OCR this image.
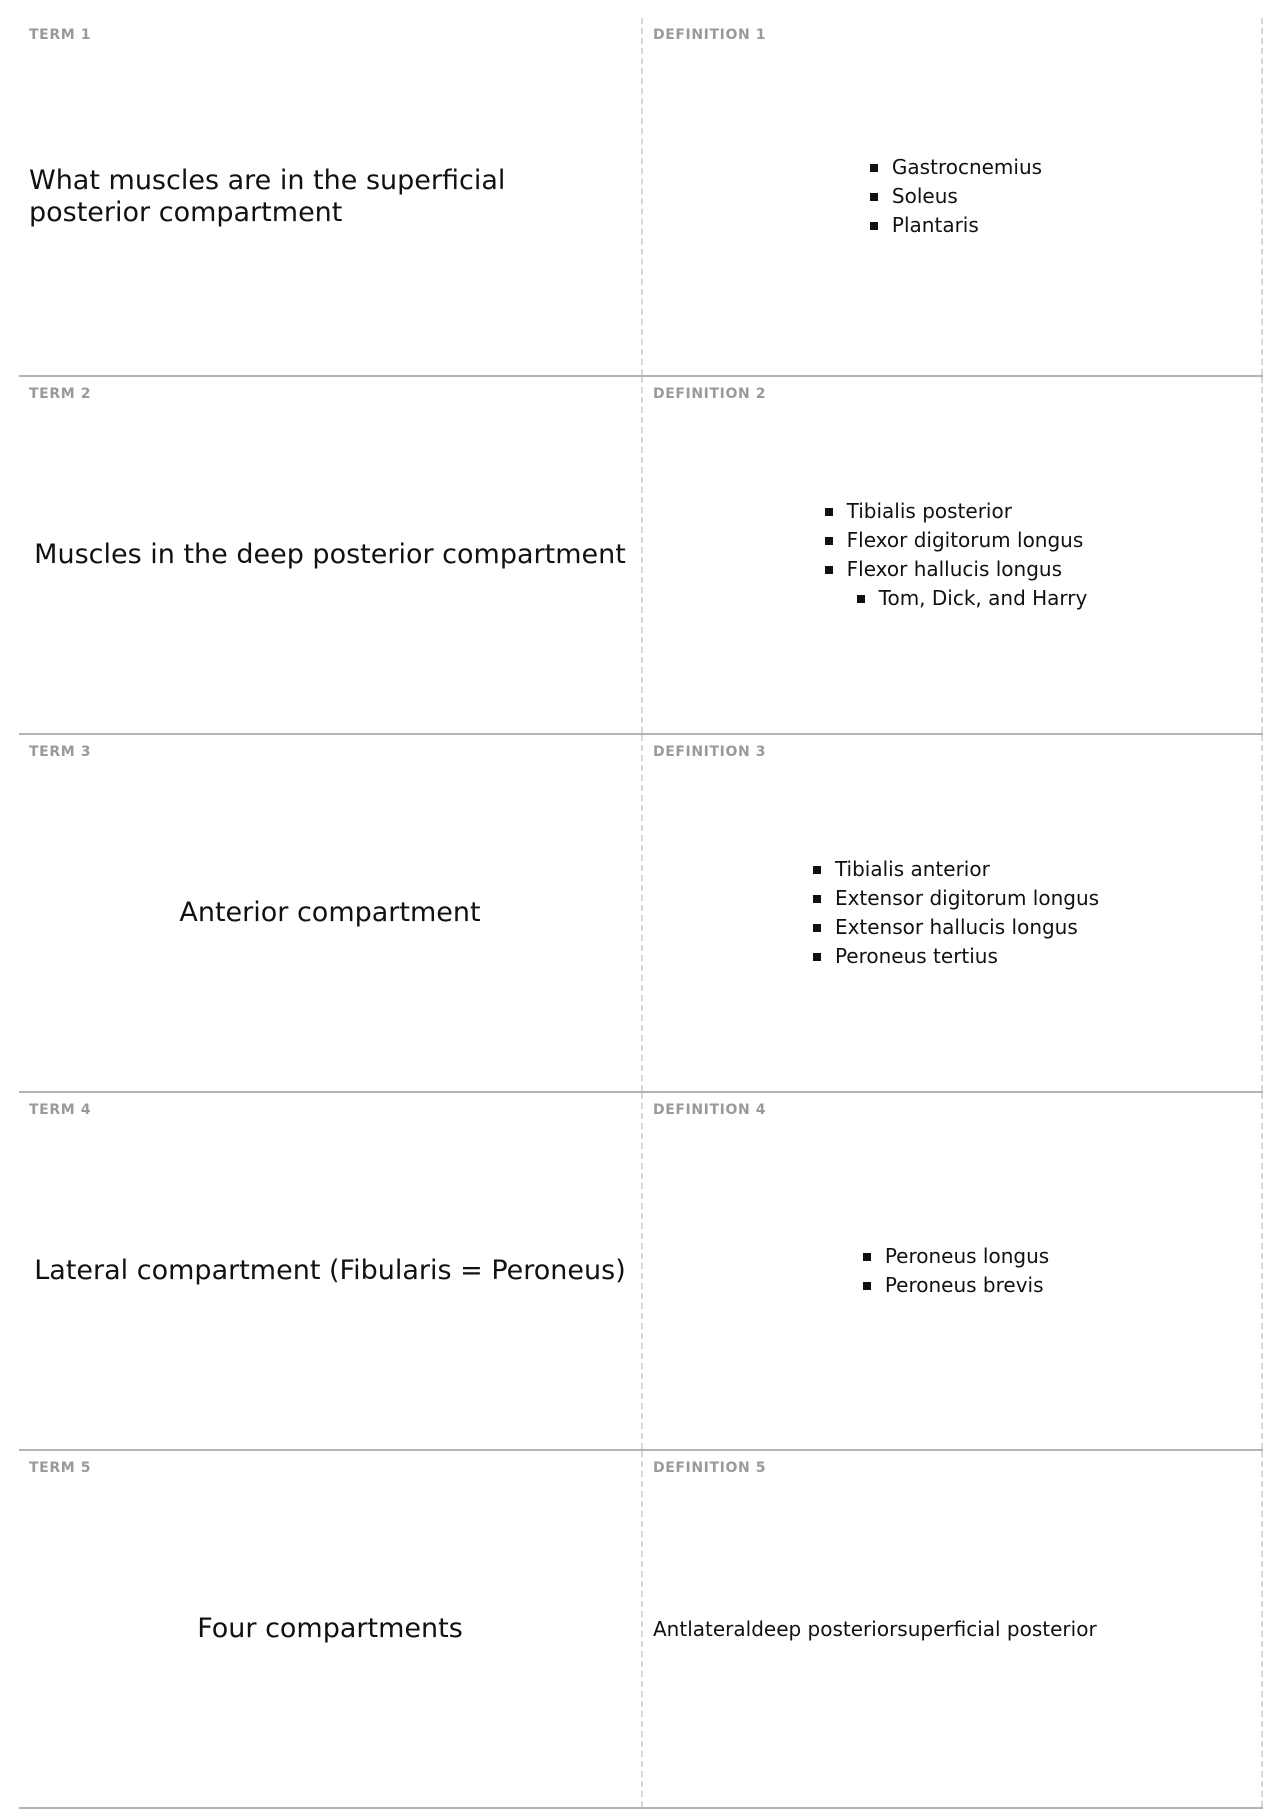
TERM 1
What muscles are in the superficial posterior compartment
DEFINITION 1
Gastrocnemius
Soleus
Plantaris
TERM 2
Muscles in the deep posterior compartment
DEFINITION 2
Tibialis posterior
Flexor digitorum longus
Flexor hallucis longus
Tom, Dick, and Harry
TERM 3
Anterior compartment
DEFINITION 3
Tibialis anterior
Extensor digitorum longus
Extensor hallucis longus
Peroneus tertius
TERM 4
Lateral compartment (Fibularis = Peroneus)
DEFINITION 4
Peroneus longus
Peroneus brevis
TERM 5
Four compartments
DEFINITION 5
Antlateraldeep posteriorsuperficial posterior
